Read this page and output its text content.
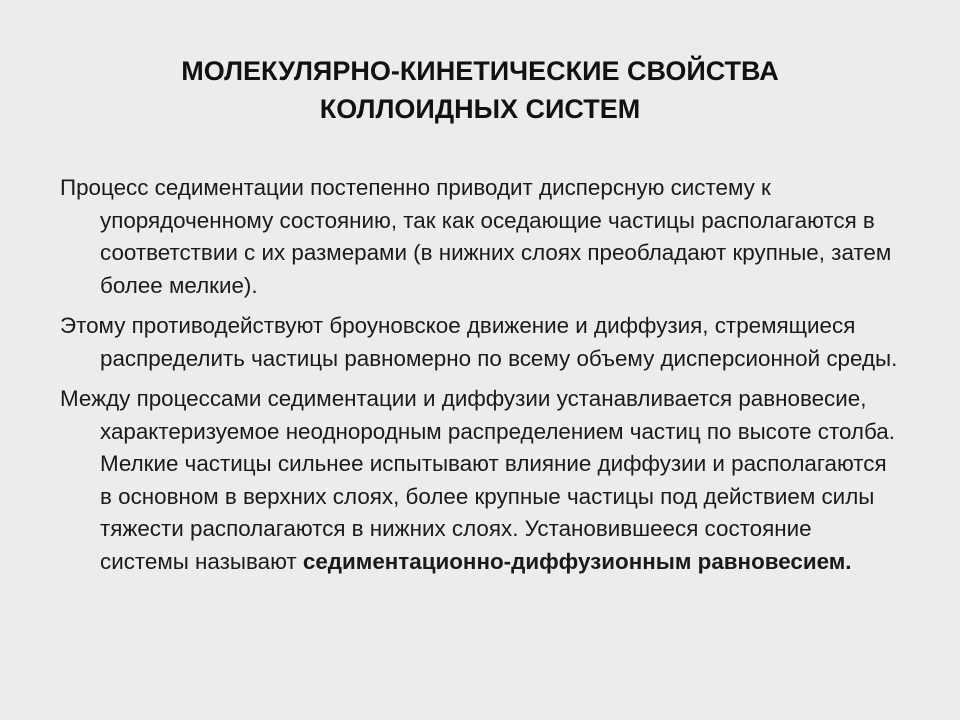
МОЛЕКУЛЯРНО-КИНЕТИЧЕСКИЕ СВОЙСТВА
КОЛЛОИДНЫХ СИСТЕМ

Процесс седиментации постепенно приводит дисперсную систему к упорядоченному состоянию, так как оседающие частицы располагаются в соответствии с их размерами (в нижних слоях преобладают крупные, затем более мелкие).

Этому противодействуют броуновское движение и диффузия, стремящиеся распределить частицы равномерно по всему объему дисперсионной среды.

Между процессами седиментации и диффузии устанавливается равновесие, характеризуемое неоднородным распределением частиц по высоте столба. Мелкие частицы сильнее испытывают влияние диффузии и располагаются в основном в верхних слоях, более крупные частицы под действием силы тяжести располагаются в нижних слоях. Установившееся состояние системы называют седиментационно-диффузионным равновесием.
